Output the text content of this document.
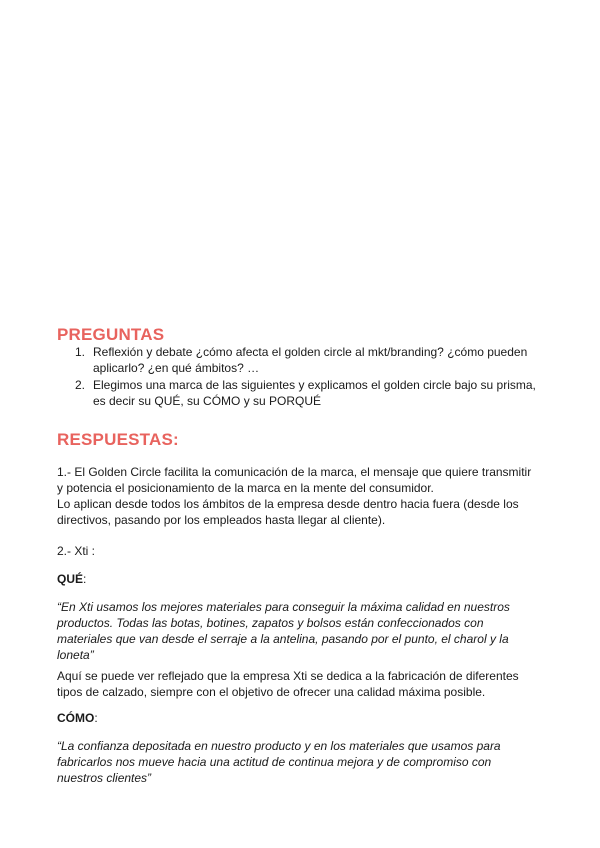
PREGUNTAS
1. Reflexión y debate ¿cómo afecta el golden circle al mkt/branding? ¿cómo pueden
aplicarlo? ¿en qué ámbitos? …
2. Elegimos una marca de las siguientes y explicamos el golden circle bajo su prisma,
es decir su QUÉ, su CÓMO y su PORQUÉ
RESPUESTAS:

1.- El Golden Circle facilita la comunicación de la marca, el mensaje que quiere transmitir
y potencia el posicionamiento de la marca en la mente del consumidor.
Lo aplican desde todos los ámbitos de la empresa desde dentro hacia fuera (desde los
directivos, pasando por los empleados hasta llegar al cliente).

2.- Xti :

QUÉ:

“En Xti usamos los mejores materiales para conseguir la máxima calidad en nuestros
productos. Todas las botas, botines, zapatos y bolsos están confeccionados con
materiales que van desde el serraje a la antelina, pasando por el punto, el charol y la
loneta”

Aquí se puede ver reflejado que la empresa Xti se dedica a la fabricación de diferentes
tipos de calzado, siempre con el objetivo de ofrecer una calidad máxima posible.

CÓMO:

“La confianza depositada en nuestro producto y en los materiales que usamos para
fabricarlos nos mueve hacia una actitud de continua mejora y de compromiso con
nuestros clientes”
